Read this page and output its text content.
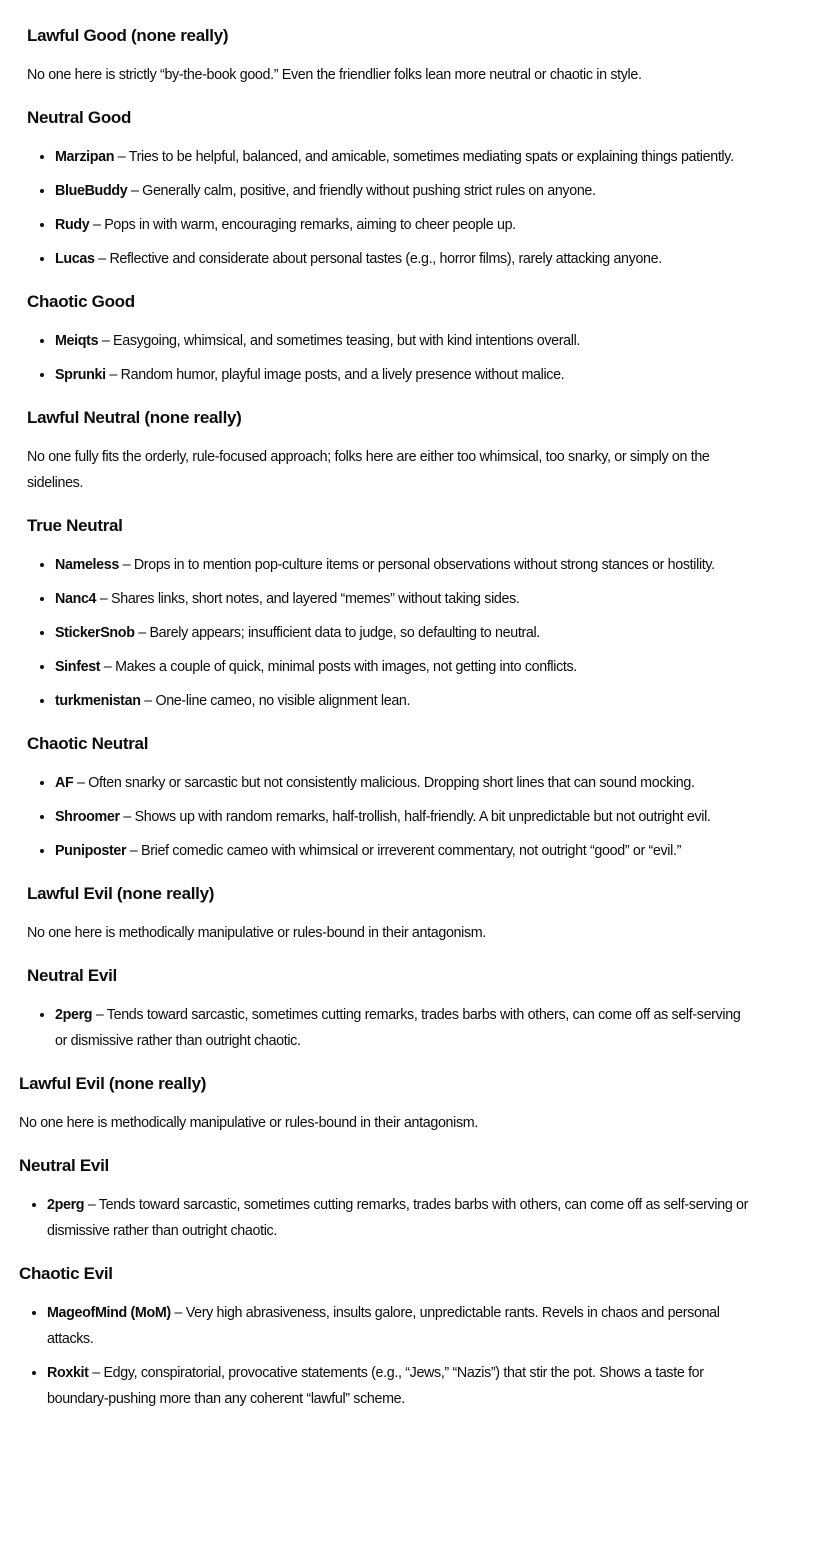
Lawful Good (none really)

No one here is strictly “by-the-book good.” Even the friendlier folks lean more neutral or chaotic in style.

Neutral Good
• Marzipan – Tries to be helpful, balanced, and amicable, sometimes mediating spats or explaining things patiently.
• BlueBuddy – Generally calm, positive, and friendly without pushing strict rules on anyone.
• Rudy – Pops in with warm, encouraging remarks, aiming to cheer people up.
• Lucas – Reflective and considerate about personal tastes (e.g., horror films), rarely attacking anyone.
Chaotic Good
• Meiqts – Easygoing, whimsical, and sometimes teasing, but with kind intentions overall.
• Sprunki – Random humor, playful image posts, and a lively presence without malice.
Lawful Neutral (none really)

No one fully fits the orderly, rule-focused approach; folks here are either too whimsical, too snarky, or simply on the sidelines.

True Neutral
• Nameless – Drops in to mention pop-culture items or personal observations without strong stances or hostility.
• Nanc4 – Shares links, short notes, and layered “memes” without taking sides.
• StickerSnob – Barely appears; insufficient data to judge, so defaulting to neutral.
• Sinfest – Makes a couple of quick, minimal posts with images, not getting into conflicts.
• turkmenistan – One-line cameo, no visible alignment lean.
Chaotic Neutral
• AF – Often snarky or sarcastic but not consistently malicious. Dropping short lines that can sound mocking.
• Shroomer – Shows up with random remarks, half-trollish, half-friendly. A bit unpredictable but not outright evil.
• Puniposter – Brief comedic cameo with whimsical or irreverent commentary, not outright “good” or “evil.”
Lawful Evil (none really)

No one here is methodically manipulative or rules-bound in their antagonism.

Neutral Evil
• 2perg – Tends toward sarcastic, sometimes cutting remarks, trades barbs with others, can come off as self-serving or dismissive rather than outright chaotic.
Lawful Evil (none really)

No one here is methodically manipulative or rules-bound in their antagonism.

Neutral Evil
• 2perg – Tends toward sarcastic, sometimes cutting remarks, trades barbs with others, can come off as self-serving or dismissive rather than outright chaotic.
Chaotic Evil
• MageofMind (MoM) – Very high abrasiveness, insults galore, unpredictable rants. Revels in chaos and personal attacks.
• Roxkit – Edgy, conspiratorial, provocative statements (e.g., “Jews,” “Nazis”) that stir the pot. Shows a taste for boundary-pushing more than any coherent “lawful” scheme.
